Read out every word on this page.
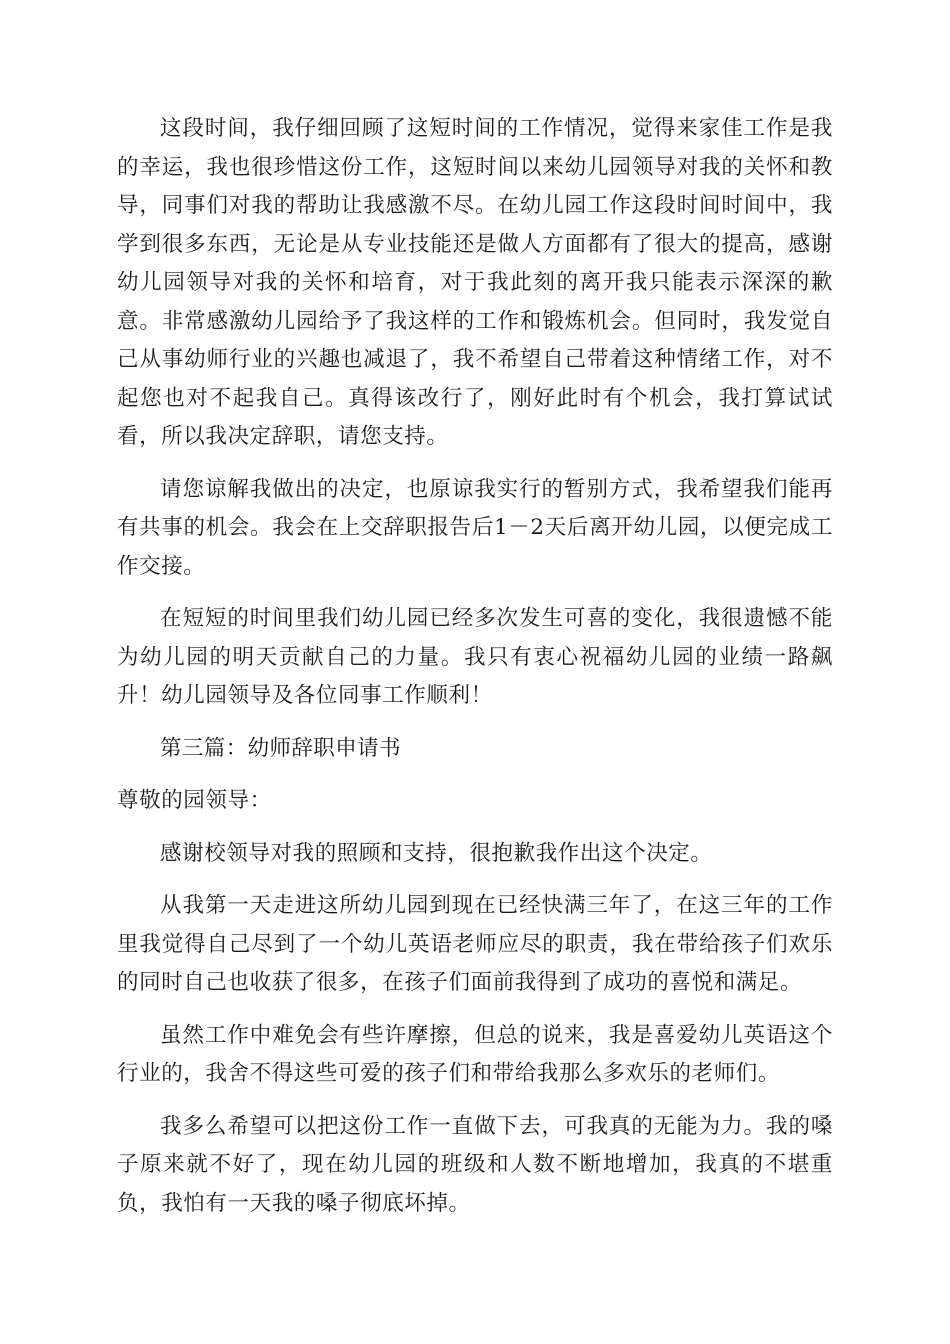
这段时间，我仔细回顾了这短时间的工作情况，觉得来家佳工作是我的幸运，我也很珍惜这份工作，这短时间以来幼儿园领导对我的关怀和教导，同事们对我的帮助让我感激不尽。在幼儿园工作这段时间时间中，我学到很多东西，无论是从专业技能还是做人方面都有了很大的提高，感谢幼儿园领导对我的关怀和培育，对于我此刻的离开我只能表示深深的歉意。非常感激幼儿园给予了我这样的工作和锻炼机会。但同时，我发觉自己从事幼师行业的兴趣也减退了，我不希望自己带着这种情绪工作，对不起您也对不起我自己。真得该改行了，刚好此时有个机会，我打算试试看，所以我决定辞职，请您支持。

请您谅解我做出的决定，也原谅我实行的暂别方式，我希望我们能再有共事的机会。我会在上交辞职报告后1－2天后离开幼儿园，以便完成工作交接。

在短短的时间里我们幼儿园已经多次发生可喜的变化，我很遗憾不能为幼儿园的明天贡献自己的力量。我只有衷心祝福幼儿园的业绩一路飙升！幼儿园领导及各位同事工作顺利！

第三篇：幼师辞职申请书

尊敬的园领导：

感谢校领导对我的照顾和支持，很抱歉我作出这个决定。

从我第一天走进这所幼儿园到现在已经快满三年了，在这三年的工作里我觉得自己尽到了一个幼儿英语老师应尽的职责，我在带给孩子们欢乐的同时自己也收获了很多，在孩子们面前我得到了成功的喜悦和满足。

虽然工作中难免会有些许摩擦，但总的说来，我是喜爱幼儿英语这个行业的，我舍不得这些可爱的孩子们和带给我那么多欢乐的老师们。

我多么希望可以把这份工作一直做下去，可我真的无能为力。我的嗓子原来就不好了，现在幼儿园的班级和人数不断地增加，我真的不堪重负，我怕有一天我的嗓子彻底坏掉。
